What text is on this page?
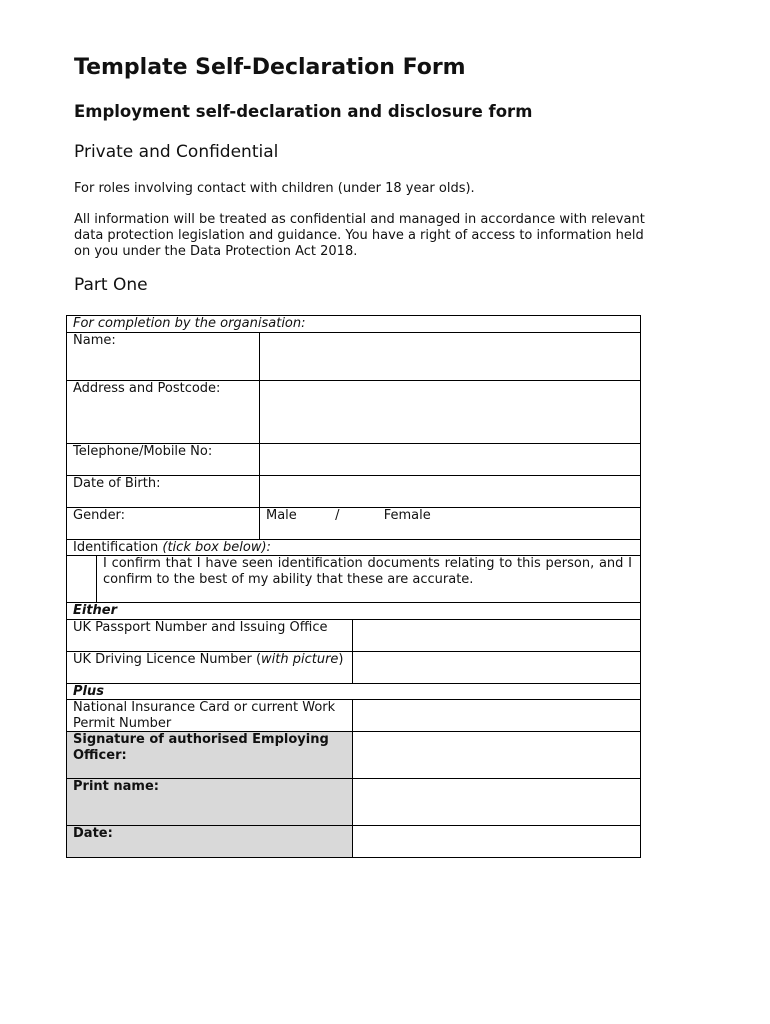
Template Self-Declaration Form
Employment self-declaration and disclosure form
Private and Confidential
For roles involving contact with children (under 18 year olds).
All information will be treated as confidential and managed in accordance with relevant data protection legislation and guidance. You have a right of access to information held on you under the Data Protection Act 2018.
Part One
For completion by the organisation:			
Name:			
Address and Postcode:			
Telephone/Mobile No:			
Date of Birth:			
Gender:		Male / Female	
Identification (tick box below):			
	I confirm that I have seen identification documents relating to this person, and I confirm to the best of my ability that these are accurate.		
Either			
UK Passport Number and Issuing Office			
UK Driving Licence Number (with picture)			
Plus			
National Insurance Card or current Work Permit Number			
Signature of authorised Employing Officer:			
Print name:			
Date:			
